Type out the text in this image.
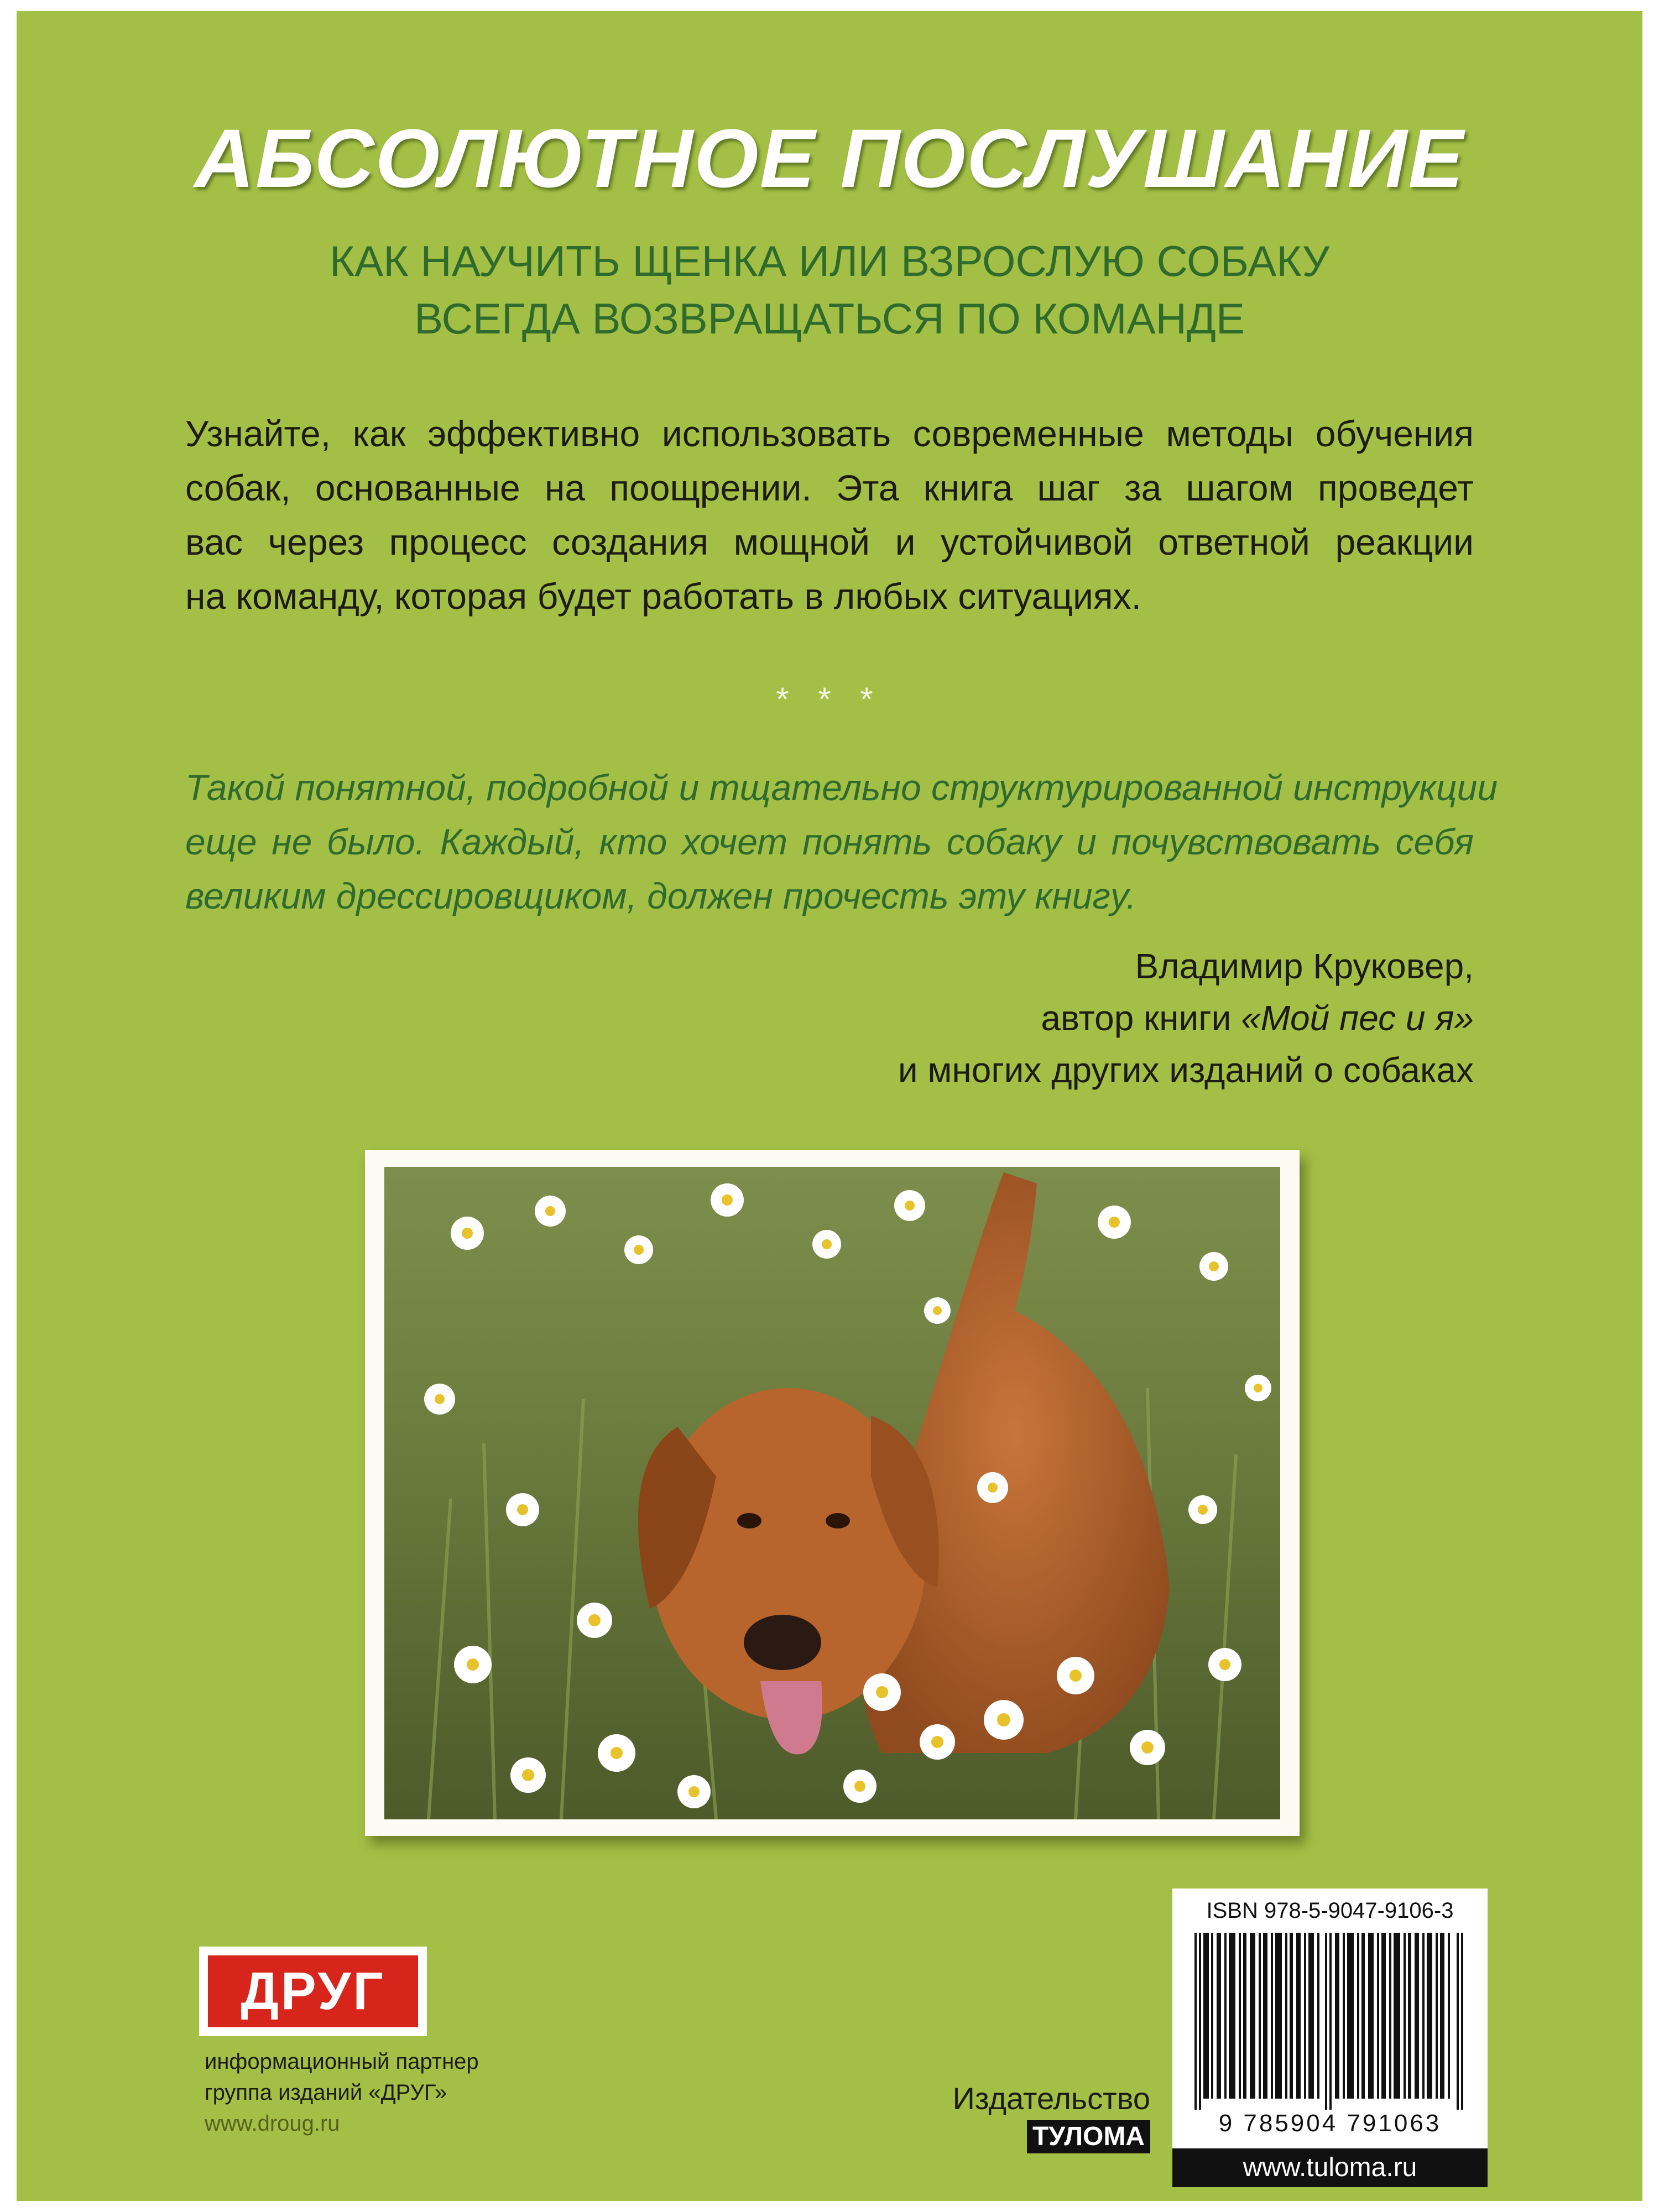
АБСОЛЮТНОЕ ПОСЛУШАНИЕ
КАК НАУЧИТЬ ЩЕНКА ИЛИ ВЗРОСЛУЮ СОБАКУ
ВСЕГДА ВОЗВРАЩАТЬСЯ ПО КОМАНДЕ
Узнайте, как эффективно использовать современные методы обучения
собак, основанные на поощрении. Эта книга шаг за шагом проведет
вас через процесс создания мощной и устойчивой ответной реакции
на команду, которая будет работать в любых ситуациях.
* * *
Такой понятной, подробной и тщательно структурированной инструкции
еще не было. Каждый, кто хочет понять собаку и почувствовать себя
великим дрессировщиком, должен прочесть эту книгу.
Владимир Круковер,
автор книги «Мой пес и я»
и многих других изданий о собаках
ДРУГ
информационный партнер
группа изданий «ДРУГ»
www.droug.ru
Издательство
ТУЛОМА
ISBN 978-5-9047-9106-3
9 785904 791063
www.tuloma.ru
